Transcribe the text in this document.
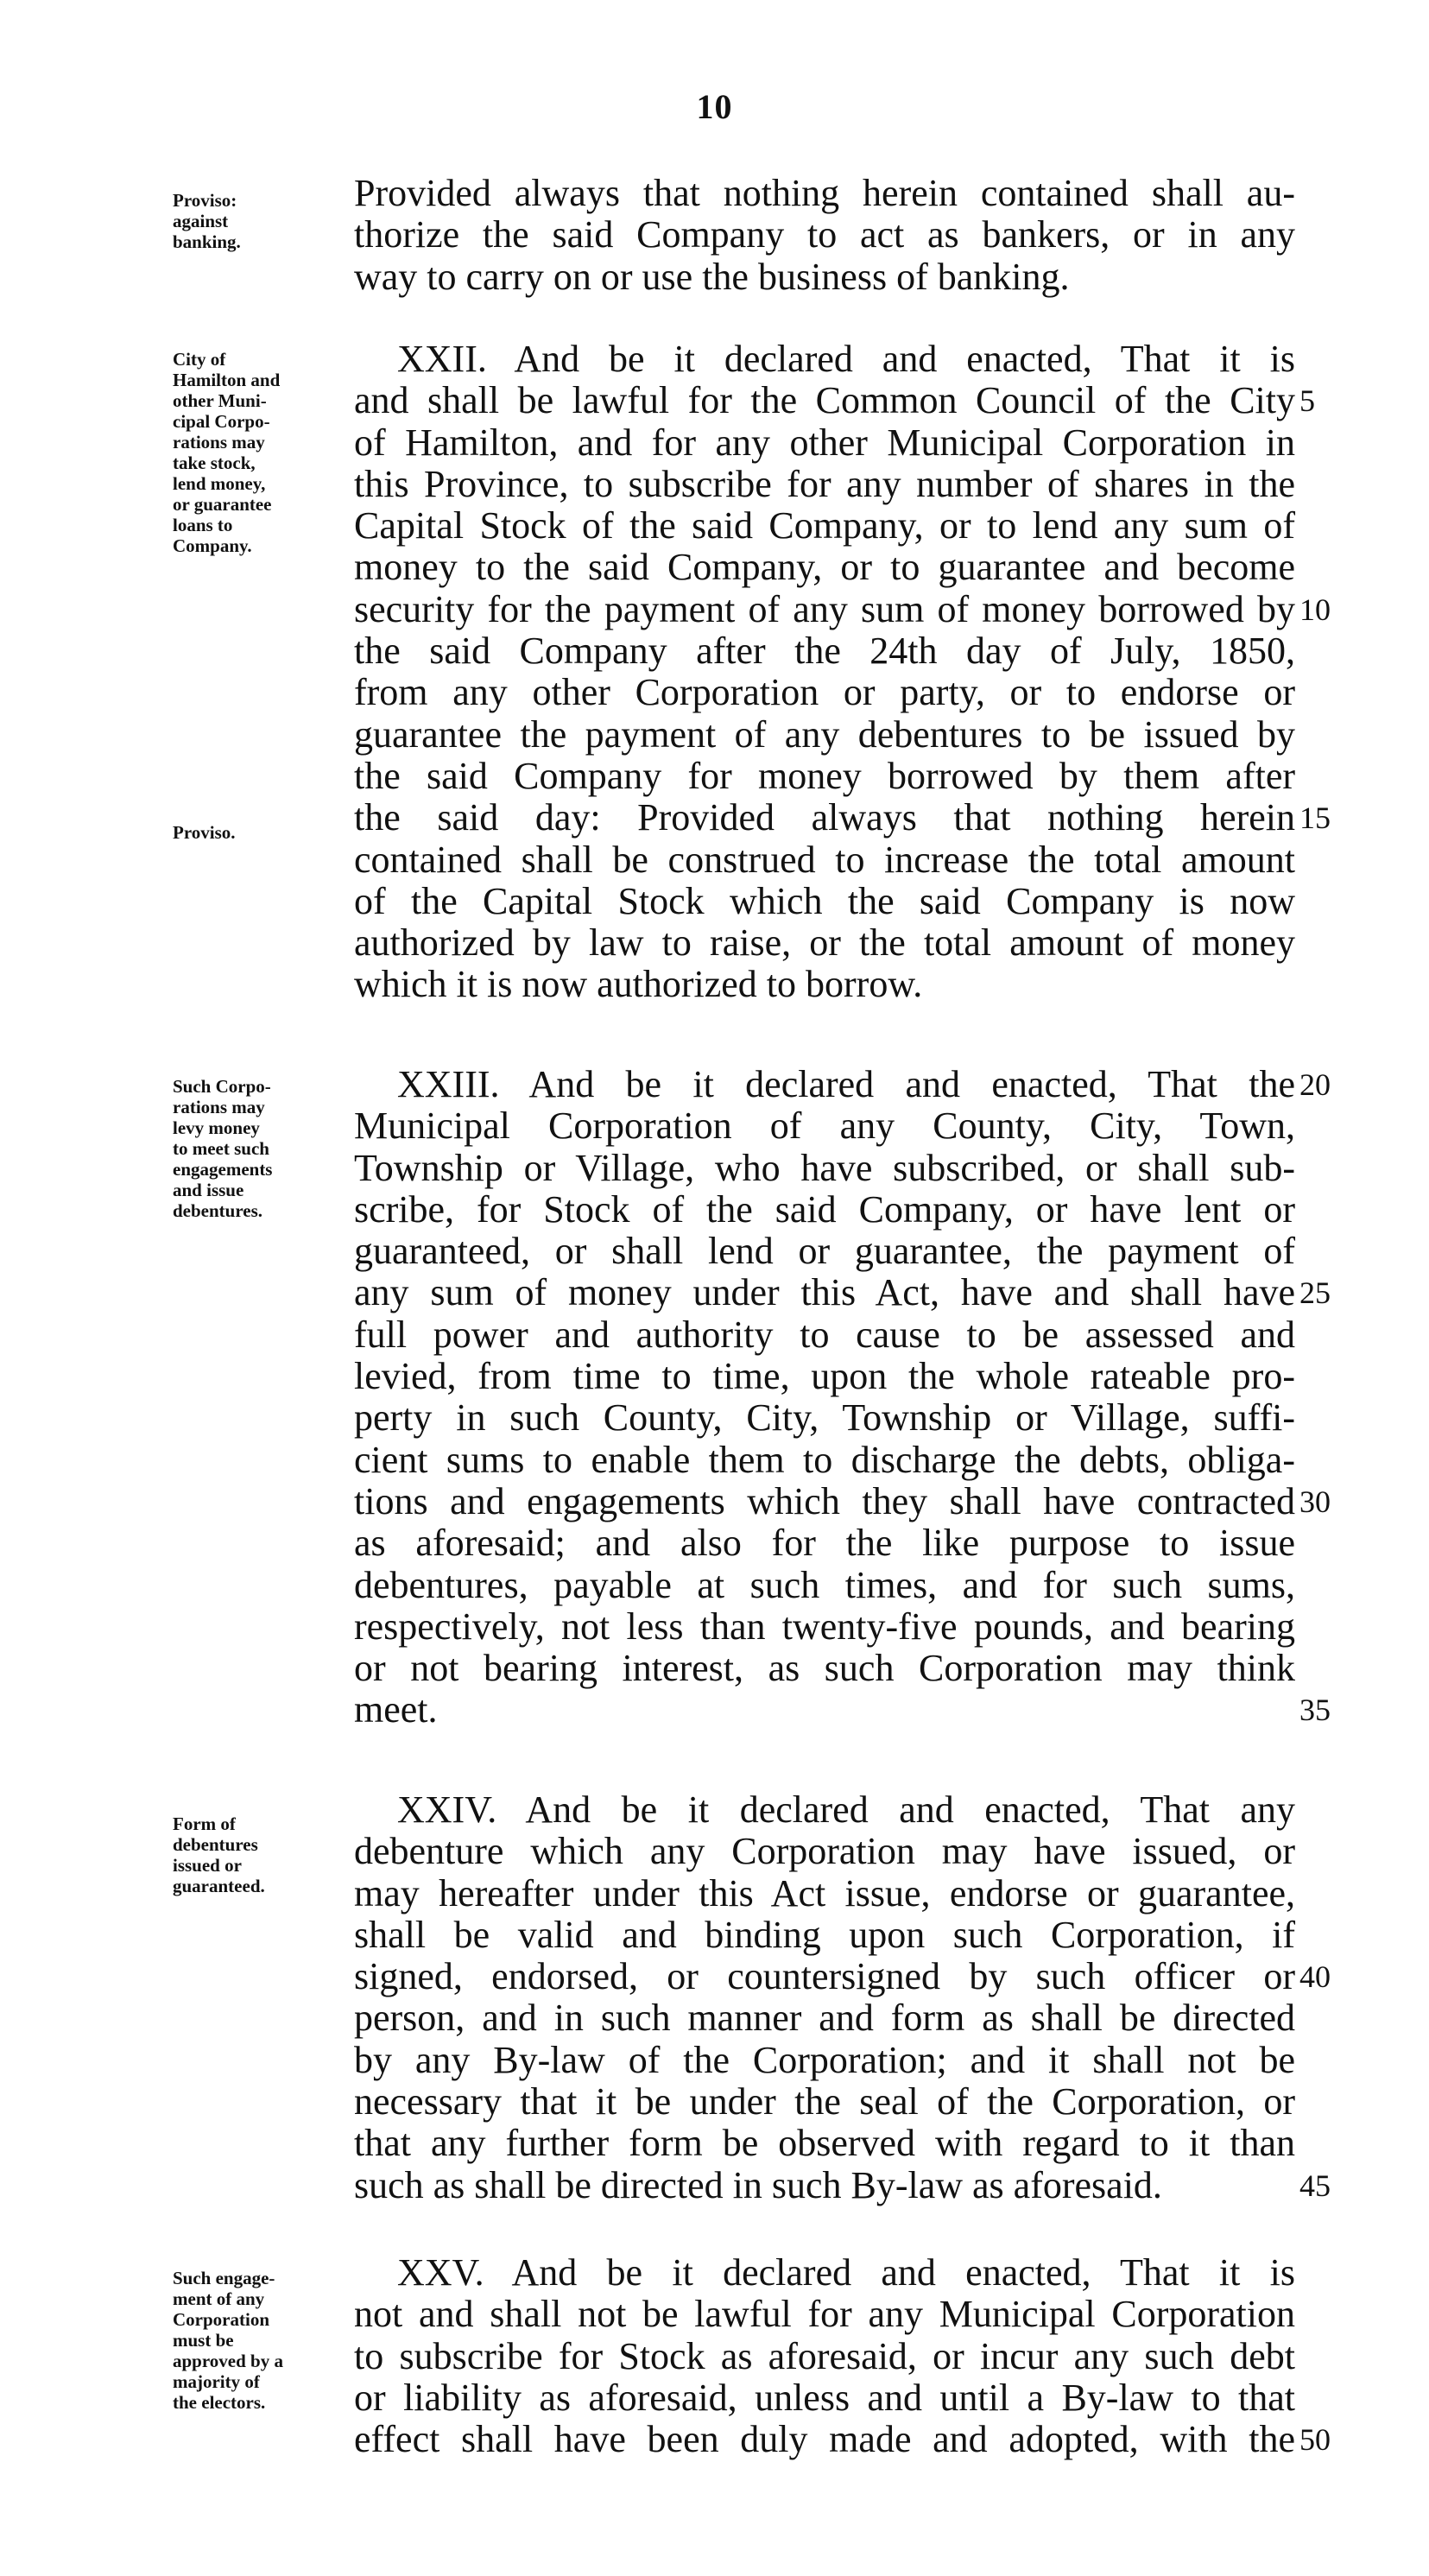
10
Proviso:
against
banking.
Provided always that nothing herein contained shall au-
thorize the said Company to act as bankers, or in any
way to carry on or use the business of banking.
City of
Hamilton and
other Muni-
cipal Corpo-
rations may
take stock,
lend money,
or guarantee
loans to
Company.
Proviso.
XXII. And be it declared and enacted, That it is
and shall be lawful for the Common Council of the City
of Hamilton, and for any other Municipal Corporation in
this Province, to subscribe for any number of shares in the
Capital Stock of the said Company, or to lend any sum of
money to the said Company, or to guarantee and become
security for the payment of any sum of money borrowed by
the said Company after the 24th day of July, 1850,
from any other Corporation or party, or to endorse or
guarantee the payment of any debentures to be issued by
the said Company for money borrowed by them after
the said day: Provided always that nothing herein
contained shall be construed to increase the total amount
of the Capital Stock which the said Company is now
authorized by law to raise, or the total amount of money
which it is now authorized to borrow.
5
10
15
Such Corpo-
rations may
levy money
to meet such
engagements
and issue
debentures.
XXIII. And be it declared and enacted, That the
Municipal Corporation of any County, City, Town,
Township or Village, who have subscribed, or shall sub-
scribe, for Stock of the said Company, or have lent or
guaranteed, or shall lend or guarantee, the payment of
any sum of money under this Act, have and shall have
full power and authority to cause to be assessed and
levied, from time to time, upon the whole rateable pro-
perty in such County, City, Township or Village, suffi-
cient sums to enable them to discharge the debts, obliga-
tions and engagements which they shall have contracted
as aforesaid; and also for the like purpose to issue
debentures, payable at such times, and for such sums,
respectively, not less than twenty-five pounds, and bearing
or not bearing interest, as such Corporation may think
meet.
20
25
30
35
Form of
debentures
issued or
guaranteed.
XXIV. And be it declared and enacted, That any
debenture which any Corporation may have issued, or
may hereafter under this Act issue, endorse or guarantee,
shall be valid and binding upon such Corporation, if
signed, endorsed, or countersigned by such officer or
person, and in such manner and form as shall be directed
by any By-law of the Corporation; and it shall not be
necessary that it be under the seal of the Corporation, or
that any further form be observed with regard to it than
such as shall be directed in such By-law as aforesaid.
40
45
Such engage-
ment of any
Corporation
must be
approved by a
majority of
the electors.
XXV. And be it declared and enacted, That it is
not and shall not be lawful for any Municipal Corporation
to subscribe for Stock as aforesaid, or incur any such debt
or liability as aforesaid, unless and until a By-law to that
effect shall have been duly made and adopted, with the 50
